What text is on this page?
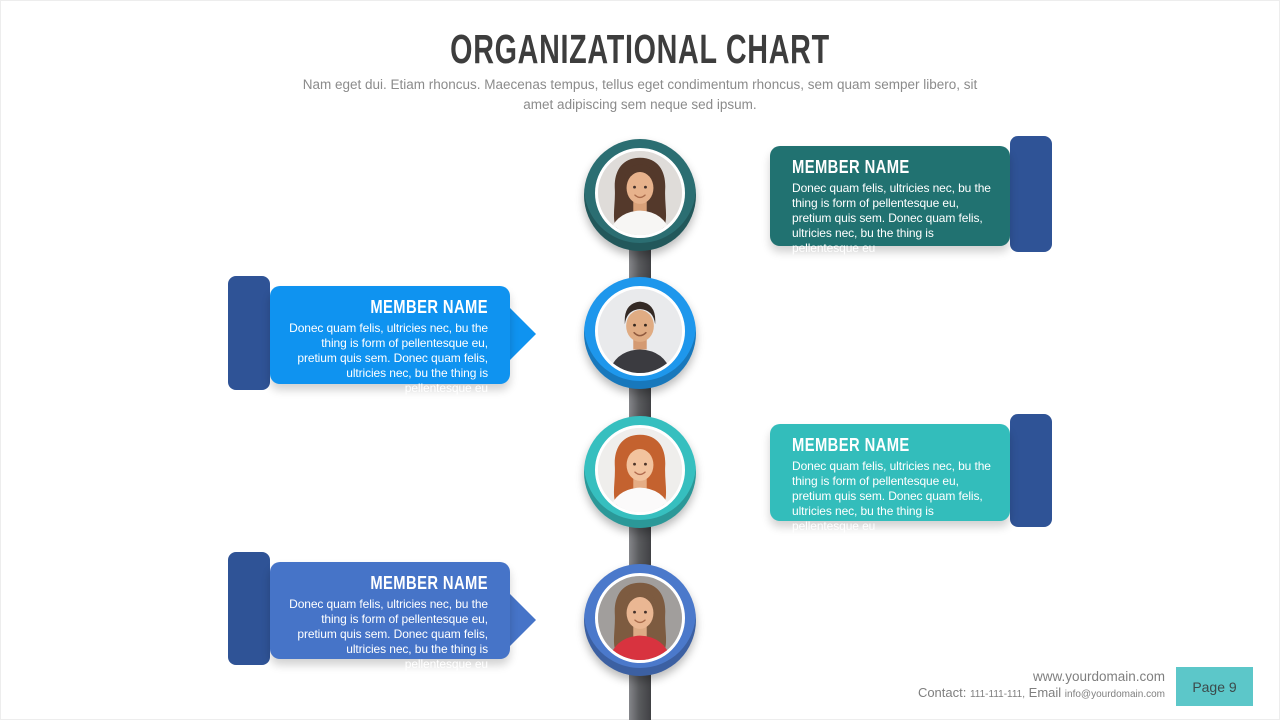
ORGANIZATIONAL CHART
Nam eget dui. Etiam rhoncus. Maecenas tempus, tellus eget condimentum rhoncus, sem quam semper libero, sit amet adipiscing sem neque sed ipsum.
MEMBER NAME

Donec quam felis, ultricies nec, bu the thing is form of pellentesque eu, pretium quis sem. Donec quam felis, ultricies nec, bu the thing is pellentesque eu

MEMBER NAME

Donec quam felis, ultricies nec, bu the thing is form of pellentesque eu, pretium quis sem. Donec quam felis, ultricies nec, bu the thing is pellentesque eu

MEMBER NAME

Donec quam felis, ultricies nec, bu the thing is form of pellentesque eu, pretium quis sem. Donec quam felis, ultricies nec, bu the thing is pellentesque eu

MEMBER NAME

Donec quam felis, ultricies nec, bu the thing is form of pellentesque eu, pretium quis sem. Donec quam felis, ultricies nec, bu the thing is pellentesque eu

www.yourdomain.com
Contact: 111-111-111, Email info@yourdomain.com
Page 9
